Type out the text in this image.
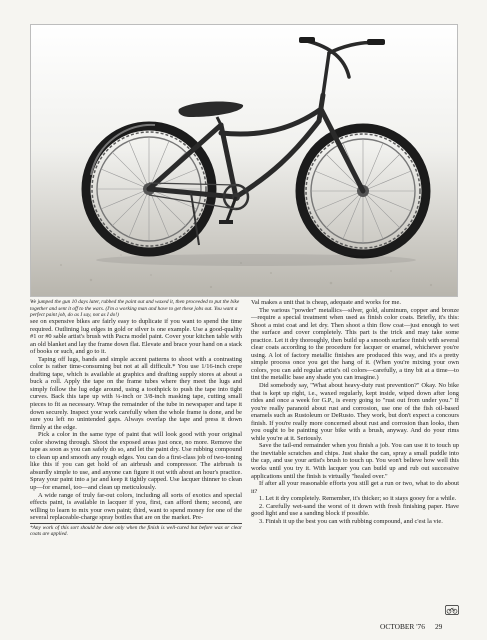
We jumped the gun 10 days later, rubbed the paint out and waxed it, then proceeded to put the bike together and sent it off to the wars. (I'm a working man and have to get these jobs out. You want a perfect paint job, do as I say, not as I do!)

see on expensive bikes are fairly easy to duplicate if you want to spend the time required. Outlining lug edges in gold or silver is one example. Use a good-quality #1 or #0 sable artist's brush with Pacra model paint. Cover your kitchen table with an old blanket and lay the frame down flat. Elevate and brace your hand on a stack of books or such, and go to it.

Taping off lugs, bands and simple accent patterns to shoot with a contrasting color is rather time-consuming but not at all difficult.* You use 1/16-inch crepe drafting tape, which is available at graphics and drafting supply stores at about a buck a roll. Apply the tape on the frame tubes where they meet the lugs and simply follow the lug edge around, using a toothpick to push the tape into tight curves. Back this tape up with ¼-inch or 3/8-inch masking tape, cutting small pieces to fit as necessary. Wrap the remainder of the tube in newspaper and tape it down securely. Inspect your work carefully when the whole frame is done, and be sure you left no unintended gaps. Always overlap the tape and press it down firmly at the edge.

Pick a color in the same type of paint that will look good with your original color showing through. Shoot the exposed areas just once, no more. Remove the tape as soon as you can safely do so, and let the paint dry. Use rubbing compound to clean up and smooth any rough edges. You can do a first-class job of two-toning like this if you can get hold of an airbrush and compressor. The airbrush is absurdly simple to use, and anyone can figure it out with about an hour's practice. Spray your paint into a jar and keep it tightly capped. Use lacquer thinner to clean up—for enamel, too—and clean up meticulously.

A wide range of truly far-out colors, including all sorts of exotics and special effects paint, is available in lacquer if you, first, can afford them; second, are willing to learn to mix your own paint; third, want to spend money for one of the several replaceable-charge spray bottles that are on the market. Pre-

*Any work of this sort should be done only when the finish is well-cured but before wax or clear coats are applied.

Val makes a unit that is cheap, adequate and works for me.

The various "powder" metallics—silver, gold, aluminum, copper and bronze—require a special treatment when used as finish color coats. Briefly, it's this: Shoot a mist coat and let dry. Then shoot a thin flow coat—just enough to wet the surface and cover completely. This part is the trick and may take some practice. Let it dry thoroughly, then build up a smooth surface finish with several clear coats according to the procedure for lacquer or enamel, whichever you're using. A lot of factory metallic finishes are produced this way, and it's a pretty simple process once you get the hang of it. (When you're mixing your own colors, you can add regular artist's oil colors—carefully, a tiny bit at a time—to tint the metallic base any shade you can imagine.)

Did somebody say, "What about heavy-duty rust prevention?" Okay. No bike that is kept up right, i.e., waxed regularly, kept inside, wiped down after long rides and once a week for G.P., is every going to "rust out from under you." If you're really paranoid about rust and corrosion, use one of the fish oil-based enamels such as Rustoleum or DeRusto. They work, but don't expect a concours finish. If you're really more concerned about rust and corrosion than looks, then you ought to be painting your bike with a brush, anyway. And do your rims while you're at it. Seriously.

Save the tail-end remainder when you finish a job. You can use it to touch up the inevitable scratches and chips. Just shake the can, spray a small puddle into the cap, and use your artist's brush to touch up. You won't believe how well this works until you try it. With lacquer you can build up and rub out successive applications until the finish is virtually "healed over."

If after all your reasonable efforts you still get a run or two, what to do about it?

1. Let it dry completely. Remember, it's thicker; so it stays gooey for a while.

2. Carefully wet-sand the worst of it down with fresh finishing paper. Have good light and use a sanding block if possible.

3. Finish it up the best you can with rubbing compound, and c'est la vie.

OCTOBER '76 29
